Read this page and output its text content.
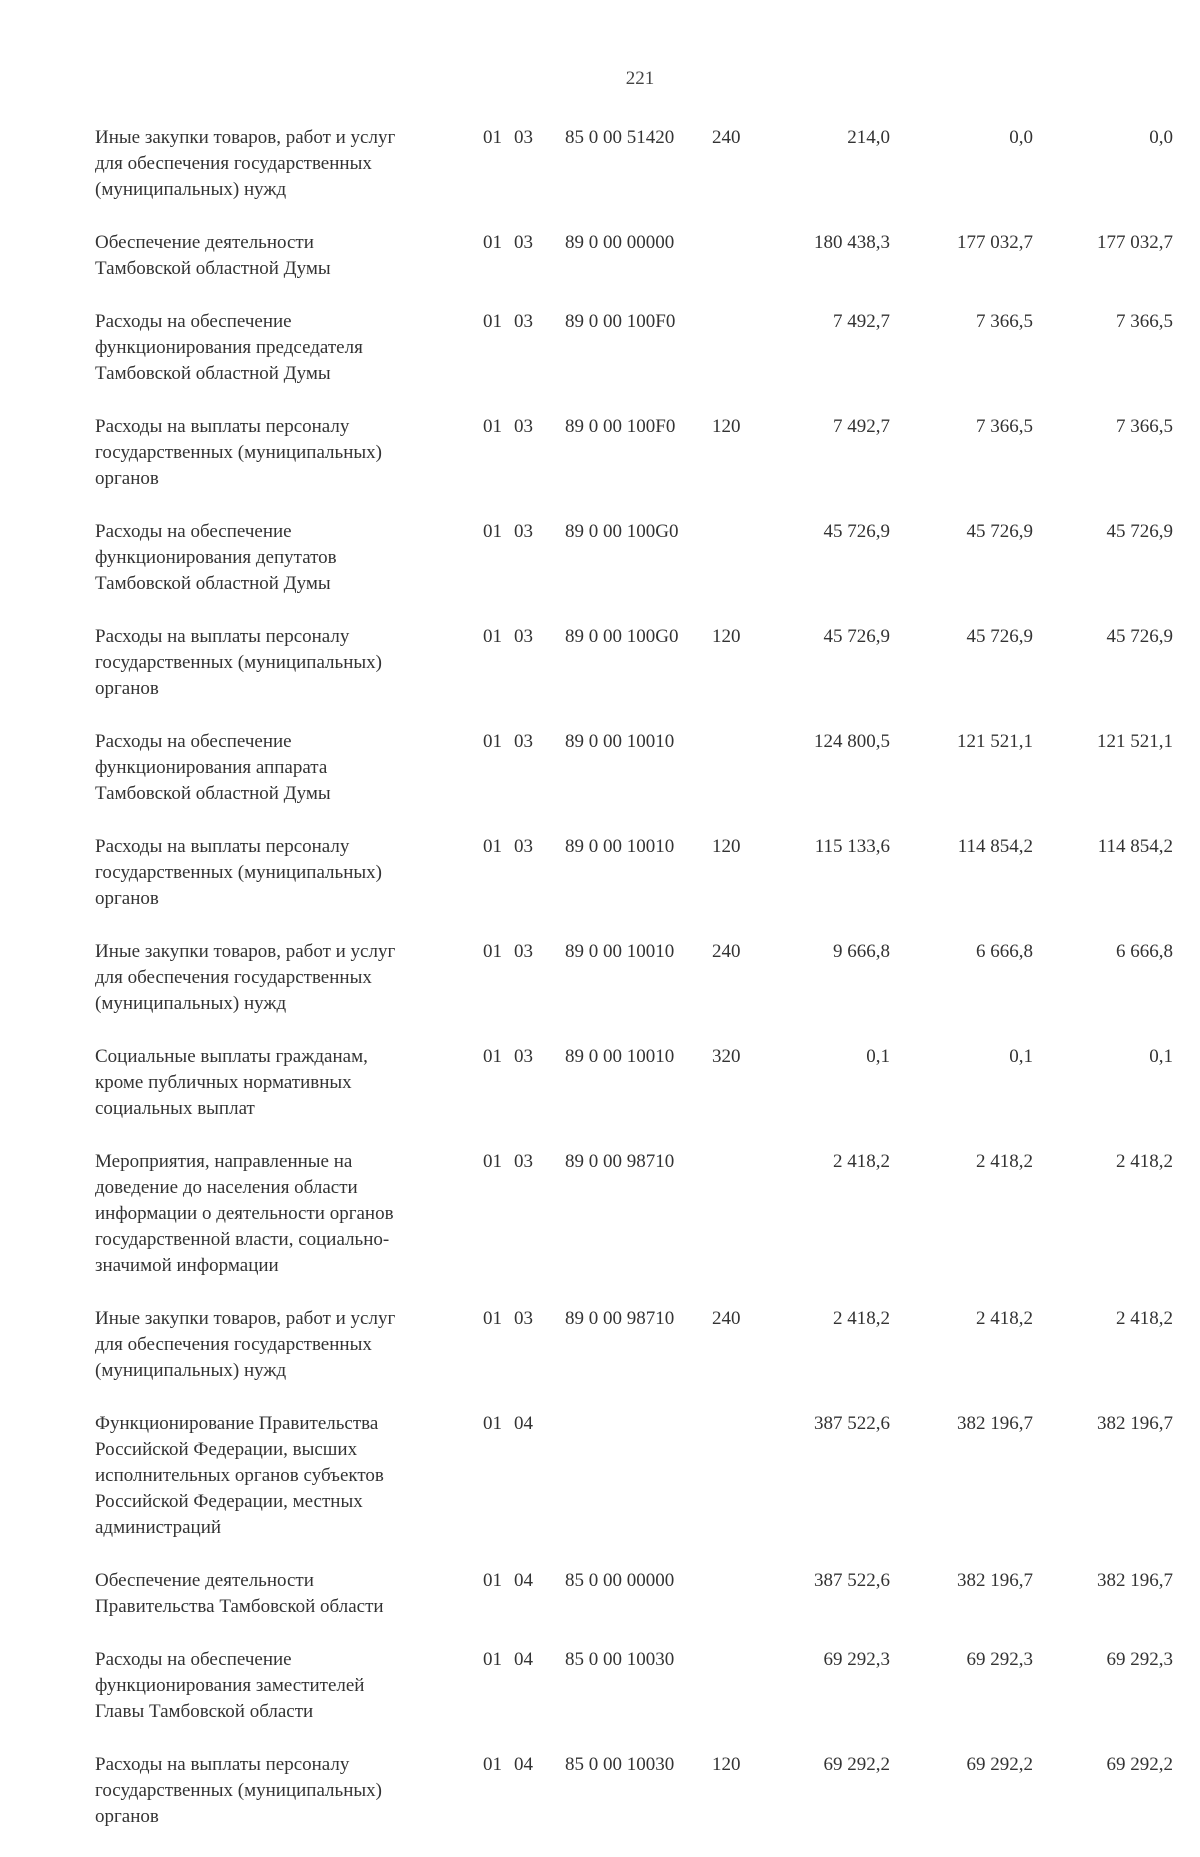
221
Иные закупки товаров, работ и услуг
для обеспечения государственных
(муниципальных) нужд
01 03	85 0 00 51420	240	214,0	0,0	0,0
Обеспечение деятельности
Тамбовской областной Думы
01 03	89 0 00 00000	180 438,3	177 032,7	177 032,7
Расходы на обеспечение
функционирования председателя
Тамбовской областной Думы
01 03	89 0 00 100F0	7 492,7	7 366,5	7 366,5
Расходы на выплаты персоналу
государственных (муниципальных)
органов
01 03	89 0 00 100F0	120	7 492,7	7 366,5	7 366,5
Расходы на обеспечение
функционирования депутатов
Тамбовской областной Думы
01 03	89 0 00 100G0	45 726,9	45 726,9	45 726,9
Расходы на выплаты персоналу
государственных (муниципальных)
органов
01 03	89 0 00 100G0	120	45 726,9	45 726,9	45 726,9
Расходы на обеспечение
функционирования аппарата
Тамбовской областной Думы
01 03	89 0 00 10010	124 800,5	121 521,1	121 521,1
Расходы на выплаты персоналу
государственных (муниципальных)
органов
01 03	89 0 00 10010	120	115 133,6	114 854,2	114 854,2
Иные закупки товаров, работ и услуг
для обеспечения государственных
(муниципальных) нужд
01 03	89 0 00 10010	240	9 666,8	6 666,8	6 666,8
Социальные выплаты гражданам,
кроме публичных нормативных
социальных выплат
01 03	89 0 00 10010	320	0,1	0,1	0,1
Мероприятия, направленные на
доведение до населения области
информации о деятельности органов
государственной власти, социально-
значимой информации
01 03	89 0 00 98710	2 418,2	2 418,2	2 418,2
Иные закупки товаров, работ и услуг
для обеспечения государственных
(муниципальных) нужд
01 03	89 0 00 98710	240	2 418,2	2 418,2	2 418,2
Функционирование Правительства
Российской Федерации, высших
исполнительных органов субъектов
Российской Федерации, местных
администраций
01 04	387 522,6	382 196,7	382 196,7
Обеспечение деятельности
Правительства Тамбовской области
01 04	85 0 00 00000	387 522,6	382 196,7	382 196,7
Расходы на обеспечение
функционирования заместителей
Главы Тамбовской области
01 04	85 0 00 10030	69 292,3	69 292,3	69 292,3
Расходы на выплаты персоналу
государственных (муниципальных)
органов
01 04	85 0 00 10030	120	69 292,2	69 292,2	69 292,2
